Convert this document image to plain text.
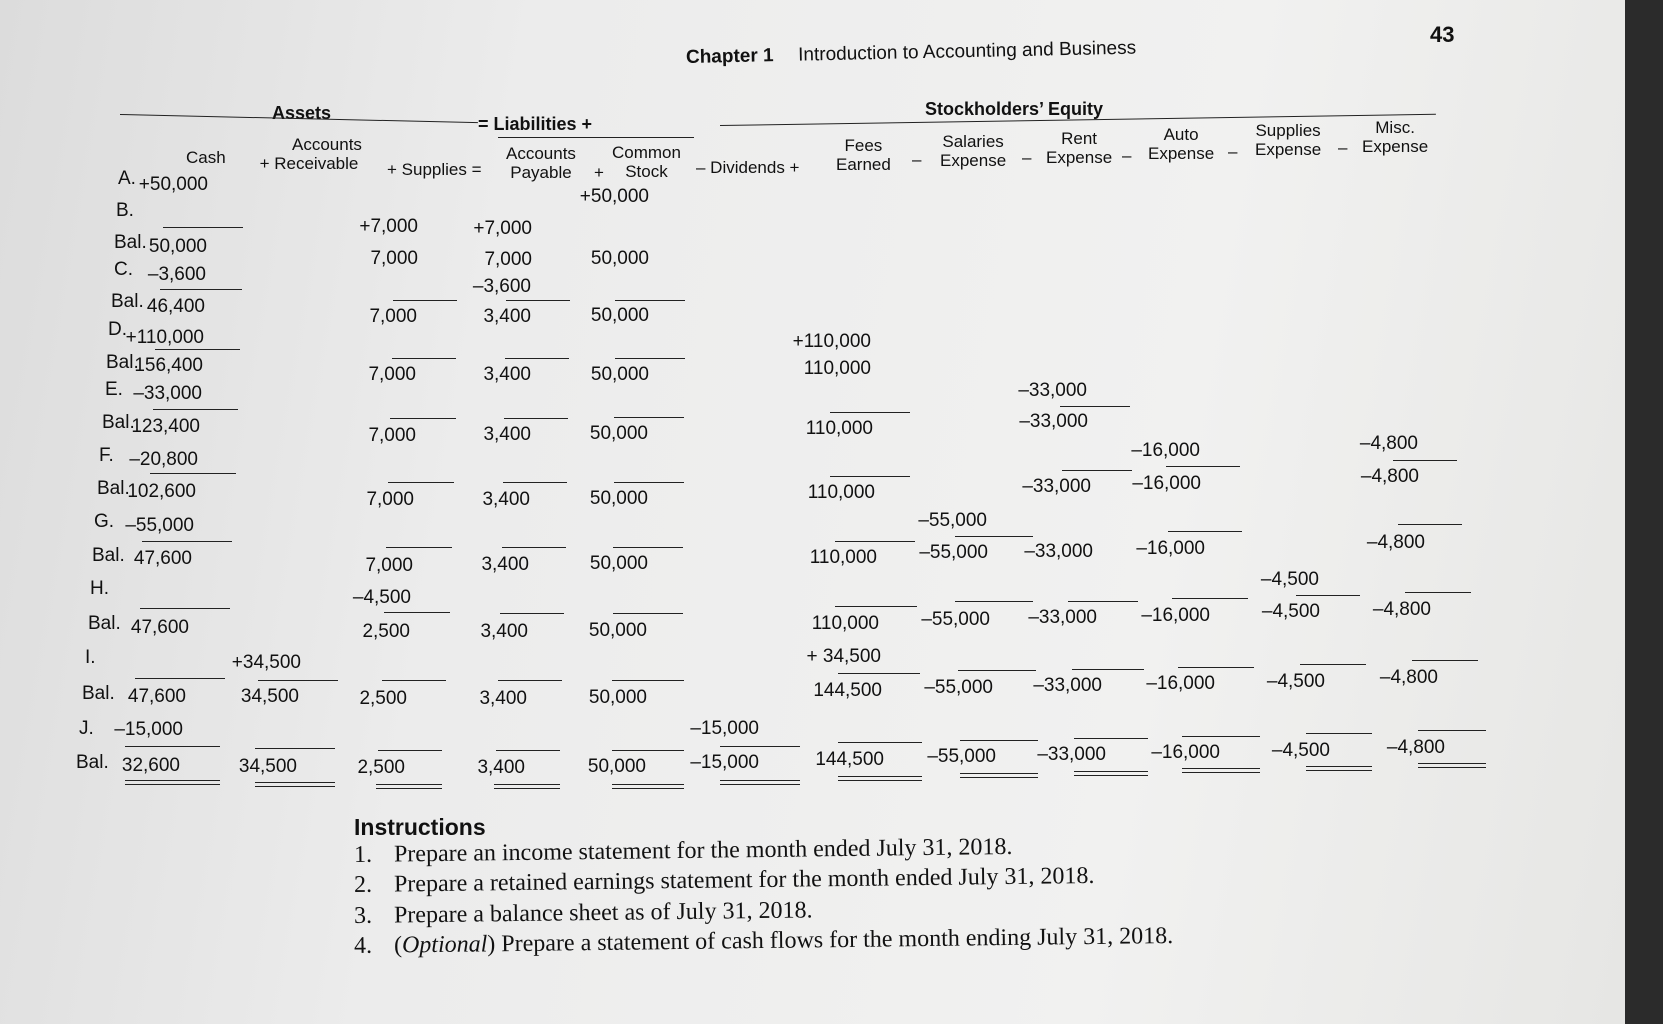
Chapter 1 Introduction to Accounting and Business
43
Assets
= Liabilities +
Stockholders’ Equity
Cash
Accounts
+ Receivable + Supplies =
Accounts
Payable +
Common
Stock	– Dividends +
Fees
Earned –
Salaries
Expense –
Rent
Expense –
Auto
Expense –
Supplies
Expense –
Misc.
Expense
A.
B.
Bal.
C.
Bal.
D.
Bal.
E.
Bal.
F.
Bal.
G.
Bal.
H.
Bal.
I.
Bal.
J.
Bal.
+50,000
50,000
–3,600
46,400
+110,000
156,400
–33,000
123,400
–20,800
102,600
–55,000
47,600
47,600
47,600
–15,000
32,600
+34,500
34,500
34,500
+7,000
7,000
7,000
7,000
7,000
7,000
7,000
–4,500
2,500
2,500
2,500
+7,000
7,000
–3,600
3,400
3,400
3,400
3,400
3,400
3,400
3,400
3,400
+50,000
50,000
50,000
50,000
50,000
50,000
50,000
50,000
50,000
50,000
–15,000
–15,000
+110,000
110,000
110,000
110,000
110,000
110,000
+ 34,500
144,500
144,500
–55,000
–55,000
–55,000
–55,000
–55,000
–33,000
–33,000
–33,000
–33,000
–33,000
–33,000
–33,000
–16,000
–16,000
–16,000
–16,000
–16,000
–16,000
–4,500
–4,500
–4,500
–4,500
–4,800
–4,800
–4,800
–4,800
–4,800
–4,800
Instructions
1. Prepare an income statement for the month ended July 31, 2018.
2. Prepare a retained earnings statement for the month ended July 31, 2018.
3. Prepare a balance sheet as of July 31, 2018.
4. (Optional) Prepare a statement of cash flows for the month ending July 31, 2018.
